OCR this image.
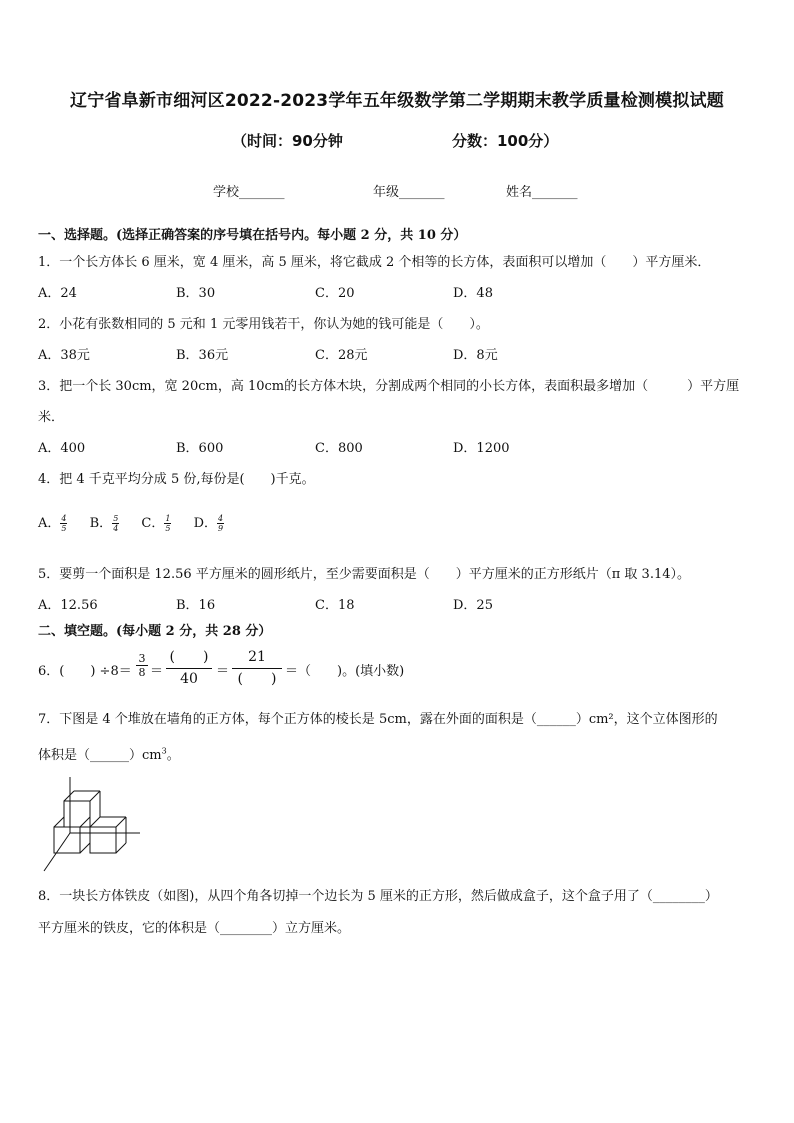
辽宁省阜新市细河区2022-2023学年五年级数学第二学期期末教学质量检测模拟试题
（时间：90分钟	分数：100分）
学校_______	年级_______	姓名_______
一、选择题。(选择正确答案的序号填在括号内。每小题 2 分，共 10 分）
1．一个长方体长 6 厘米，宽 4 厘米，高 5 厘米，将它截成 2 个相等的长方体，表面积可以增加（　　）平方厘米．
A．24	B．30	C．20	D．48
2．小花有张数相同的 5 元和 1 元零用钱若干，你认为她的钱可能是（　　）。
A．38元	B．36元	C．28元	D．8元
3．把一个长 30cm，宽 20cm，高 10cm的长方体木块，分割成两个相同的小长方体，表面积最多增加（　　　）平方厘
米．
A．400	B．600	C．800	D．1200
4．把 4 千克平均分成 5 份,每份是(　　)千克。
A． $\frac{4}{5}$ B． $\frac{5}{4}$ C． $\frac{1}{5}$ D． $\frac{4}{9}$
5．要剪一个面积是 12.56 平方厘米的圆形纸片，至少需要面积是（　　）平方厘米的正方形纸片（π 取 3.14）。
A．12.56	B．16	C．18	D．25
二、填空题。(每小题 2 分，共 28 分）
6．(　　) $\div 8= \frac{3}{8}$ ＝
(　　)
40	＝
21
(　　) ＝（　　)。(填小数)
7．下图是 4 个堆放在墙角的正方体，每个正方体的棱长是 5cm，露在外面的面积是（______）cm²，这个立体图形的
体积是$(\_\_\_\_\_\_)cm^3$。
8．一块长方体铁皮（如图)，从四个角各切掉一个边长为 5 厘米的正方形，然后做成盒子，这个盒子用了（________）
平方厘米的铁皮，它的体积是（________）立方厘米。
